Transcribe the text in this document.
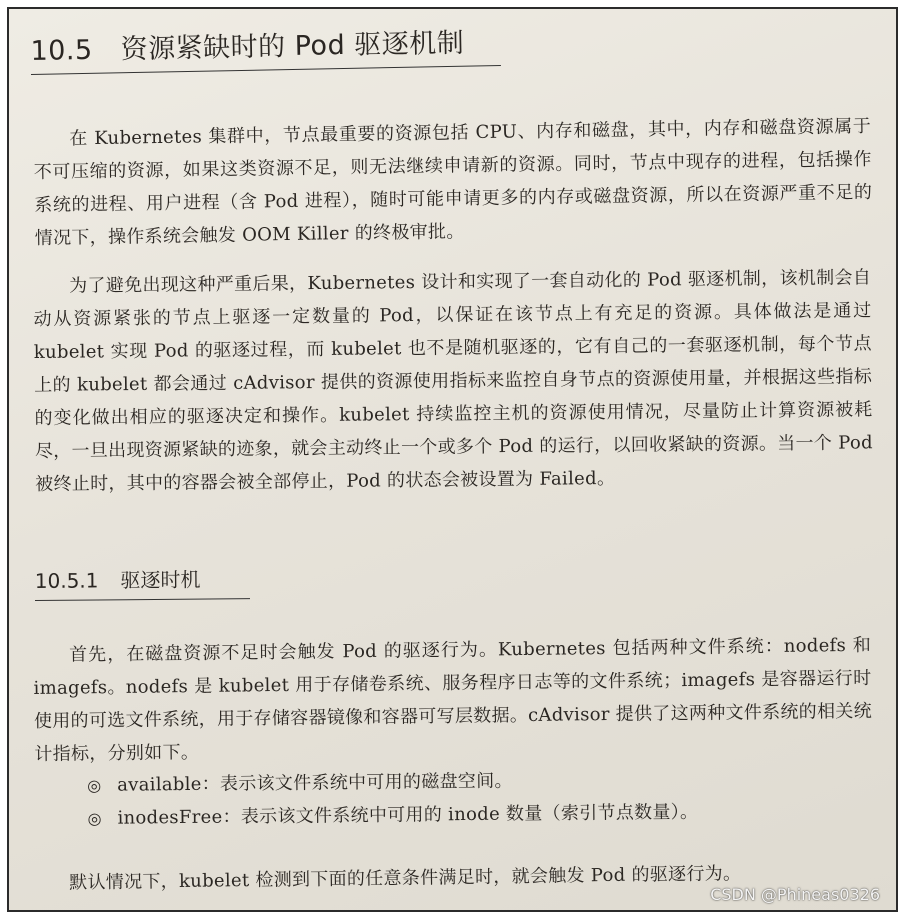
10.5 资源紧缺时的 Pod 驱逐机制

在 Kubernetes 集群中，节点最重要的资源包括 CPU、内存和磁盘，其中，内存和磁盘资源属于不可压缩的资源，如果这类资源不足，则无法继续申请新的资源。同时，节点中现存的进程，包括操作系统的进程、用户进程（含 Pod 进程），随时可能申请更多的内存或磁盘资源，所以在资源严重不足的情况下，操作系统会触发 OOM Killer 的终极审批。

为了避免出现这种严重后果，Kubernetes 设计和实现了一套自动化的 Pod 驱逐机制，该机制会自动从资源紧张的节点上驱逐一定数量的 Pod，以保证在该节点上有充足的资源。具体做法是通过 kubelet 实现 Pod 的驱逐过程，而 kubelet 也不是随机驱逐的，它有自己的一套驱逐机制，每个节点上的 kubelet 都会通过 cAdvisor 提供的资源使用指标来监控自身节点的资源使用量，并根据这些指标的变化做出相应的驱逐决定和操作。kubelet 持续监控主机的资源使用情况，尽量防止计算资源被耗尽，一旦出现资源紧缺的迹象，就会主动终止一个或多个 Pod 的运行，以回收紧缺的资源。当一个 Pod 被终止时，其中的容器会被全部停止，Pod 的状态会被设置为 Failed。

10.5.1 驱逐时机

首先，在磁盘资源不足时会触发 Pod 的驱逐行为。Kubernetes 包括两种文件系统：nodefs 和 imagefs。nodefs 是 kubelet 用于存储卷系统、服务程序日志等的文件系统；imagefs 是容器运行时使用的可选文件系统，用于存储容器镜像和容器可写层数据。cAdvisor 提供了这两种文件系统的相关统计指标，分别如下。

◎ available：表示该文件系统中可用的磁盘空间。
◎ inodesFree：表示该文件系统中可用的 inode 数量（索引节点数量）。

默认情况下，kubelet 检测到下面的任意条件满足时，就会触发 Pod 的驱逐行为。

CSDN @Phineas0326
